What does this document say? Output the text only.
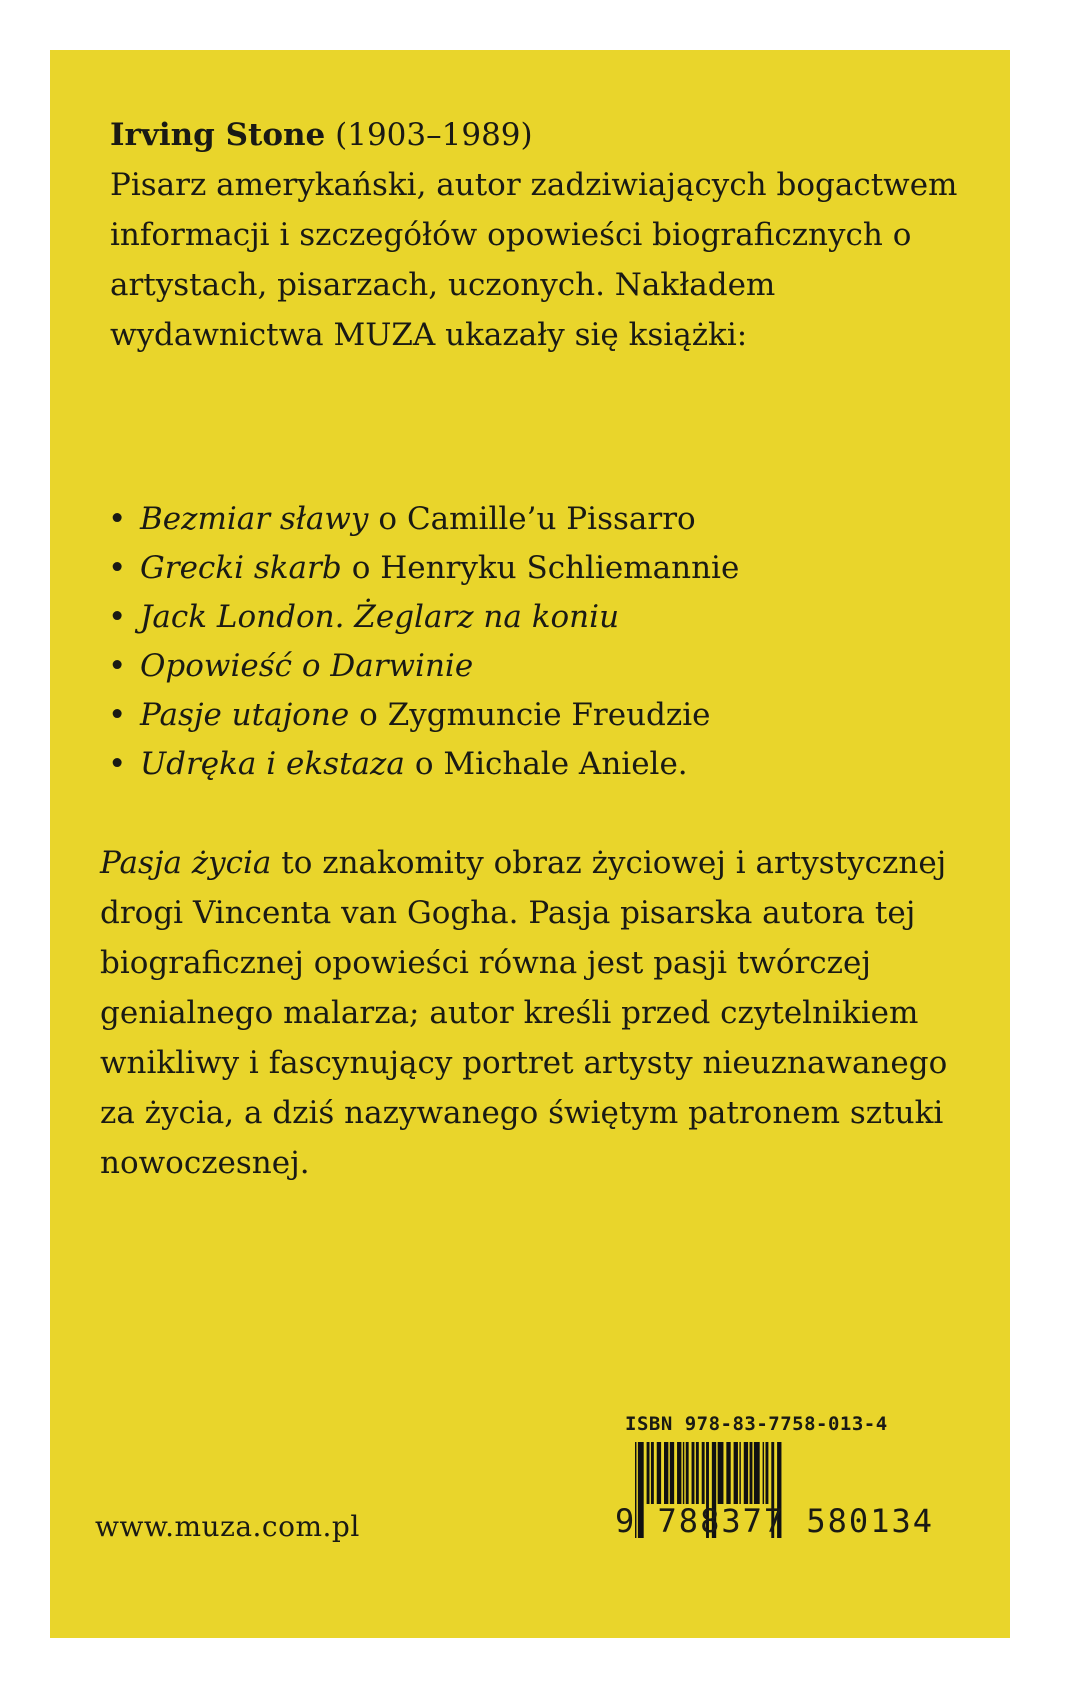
Irving Stone (1903–1989)

Pisarz amerykański, autor zadziwiających bogactwem informacji i szczegółów opowieści biograficznych o artystach, pisarzach, uczonych. Nakładem wydawnictwa MUZA ukazały się książki:

• Bezmiar sławy o Camille’u Pissarro
• Grecki skarb o Henryku Schliemannie
• Jack London. Żeglarz na koniu
• Opowieść o Darwinie
• Pasje utajone o Zygmuncie Freudzie
• Udręka i ekstaza o Michale Aniele.

Pasja życia to znakomity obraz życiowej i artystycznej drogi Vincenta van Gogha. Pasja pisarska autora tej biograficznej opowieści równa jest pasji twórczej genialnego malarza; autor kreśli przed czytelnikiem wnikliwy i fascynujący portret artysty nieuznawanego za życia, a dziś nazywanego świętym patronem sztuki nowoczesnej.

www.muza.com.pl
ISBN 978-83-7758-013-4
9 788377 580134
